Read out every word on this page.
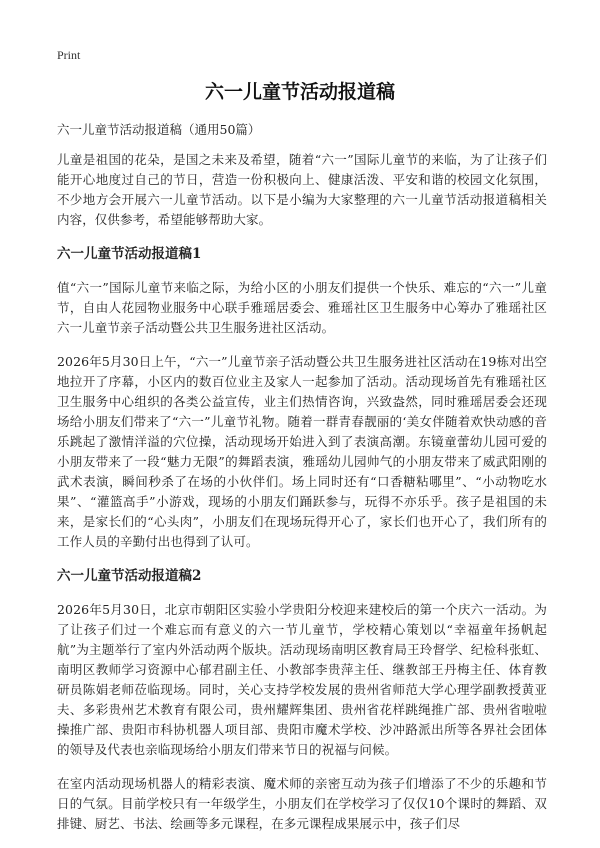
Print
六一儿童节活动报道稿
六一儿童节活动报道稿（通用50篇）

儿童是祖国的花朵，是国之未来及希望，随着“六一”国际儿童节的来临，为了让孩子们能开心地度过自己的节日，营造一份积极向上、健康活泼、平安和谐的校园文化氛围，不少地方会开展六一儿童节活动。以下是小编为大家整理的六一儿童节活动报道稿相关内容，仅供参考，希望能够帮助大家。

六一儿童节活动报道稿1

值“六一”国际儿童节来临之际，为给小区的小朋友们提供一个快乐、难忘的“六一”儿童节，自由人花园物业服务中心联手雅瑶居委会、雅瑶社区卫生服务中心筹办了雅瑶社区六一儿童节亲子活动暨公共卫生服务进社区活动。

2026年5月30日上午，“六一”儿童节亲子活动暨公共卫生服务进社区活动在19栋对出空地拉开了序幕，小区内的数百位业主及家人一起参加了活动。活动现场首先有雅瑶社区卫生服务中心组织的各类公益宣传，业主们热情咨询，兴致盎然，同时雅瑶居委会还现场给小朋友们带来了“六一”儿童节礼物。随着一群青春靓丽的‘美女伴随着欢快动感的音乐跳起了激情洋溢的穴位操，活动现场开始进入到了表演高潮。东镜童蕾幼儿园可爱的小朋友带来了一段“魅力无限”的舞蹈表演，雅瑶幼儿园帅气的小朋友带来了威武阳刚的武术表演，瞬间秒杀了在场的小伙伴们。场上同时还有“口香糖粘哪里”、“小动物吃水果”、“灌篮高手”小游戏，现场的小朋友们踊跃参与，玩得不亦乐乎。孩子是祖国的未来，是家长们的“心头肉”，小朋友们在现场玩得开心了，家长们也开心了，我们所有的工作人员的辛勤付出也得到了认可。

六一儿童节活动报道稿2

2026年5月30日，北京市朝阳区实验小学贵阳分校迎来建校后的第一个庆六一活动。为了让孩子们过一个难忘而有意义的六一节儿童节，学校精心策划以“幸福童年扬帆起航”为主题举行了室内外活动两个版块。活动现场南明区教育局王玲督学、纪检科张虹、南明区教师学习资源中心郁君副主任、小教部李贵萍主任、继教部王丹梅主任、体育教研员陈娟老师莅临现场。同时，关心支持学校发展的贵州省师范大学心理学副教授黄亚夫、多彩贵州艺术教育有限公司，贵州耀辉集团、贵州省花样跳绳推广部、贵州省啦啦操推广部、贵阳市科协机器人项目部、贵阳市魔术学校、沙冲路派出所等各界社会团体的领导及代表也亲临现场给小朋友们带来节日的祝福与问候。

在室内活动现场机器人的精彩表演、魔术师的亲密互动为孩子们增添了不少的乐趣和节日的气氛。目前学校只有一年级学生，小朋友们在学校学习了仅仅10个课时的舞蹈、双排键、厨艺、书法、绘画等多元课程，在多元课程成果展示中，孩子们尽
